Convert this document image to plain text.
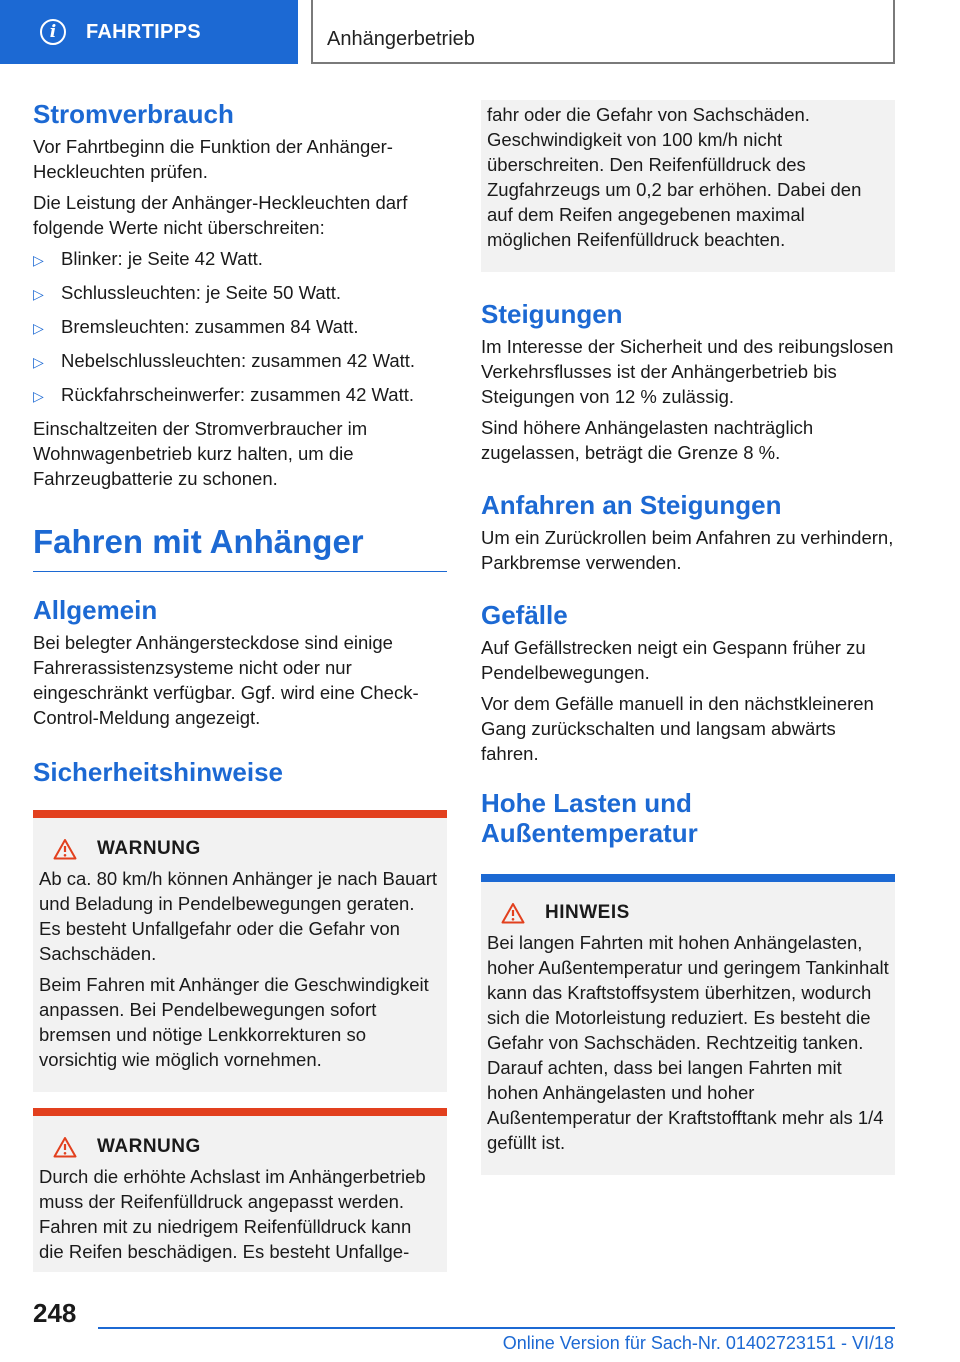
i	FAHRTIPPS	Anhängerbetrieb
Stromverbrauch

Vor Fahrtbeginn die Funktion der Anhänger-Heckleuchten prüfen.

Die Leistung der Anhänger-Heckleuchten darf folgende Werte nicht überschreiten:

▷ Blinker: je Seite 42 Watt.
▷ Schlussleuchten: je Seite 50 Watt.
▷ Bremsleuchten: zusammen 84 Watt.
▷ Nebelschlussleuchten: zusammen 42 Watt.
▷ Rückfahrscheinwerfer: zusammen 42 Watt.

Einschaltzeiten der Stromverbraucher im Wohnwagenbetrieb kurz halten, um die Fahrzeugbatterie zu schonen.

Fahren mit Anhänger
Allgemein

Bei belegter Anhängersteckdose sind einige Fahrerassistenzsysteme nicht oder nur eingeschränkt verfügbar. Ggf. wird eine Check-Control-Meldung angezeigt.

Sicherheitshinweise
WARNUNG

Ab ca. 80 km/h können Anhänger je nach Bauart und Beladung in Pendelbewegungen geraten. Es besteht Unfallgefahr oder die Gefahr von Sachschäden.

Beim Fahren mit Anhänger die Geschwindigkeit anpassen. Bei Pendelbewegungen sofort bremsen und nötige Lenkkorrekturen so vorsichtig wie möglich vornehmen.

WARNUNG

Durch die erhöhte Achslast im Anhängerbetrieb muss der Reifenfülldruck angepasst werden. Fahren mit zu niedrigem Reifenfülldruck kann die Reifen beschädigen. Es besteht Unfallge-

fahr oder die Gefahr von Sachschäden. Geschwindigkeit von 100 km/h nicht überschreiten. Den Reifenfülldruck des Zugfahrzeugs um 0,2 bar erhöhen. Dabei den auf dem Reifen angegebenen maximal möglichen Reifenfülldruck beachten.

Steigungen

Im Interesse der Sicherheit und des reibungslosen Verkehrsflusses ist der Anhängerbetrieb bis Steigungen von 12 % zulässig.

Sind höhere Anhängelasten nachträglich zugelassen, beträgt die Grenze 8 %.

Anfahren an Steigungen

Um ein Zurückrollen beim Anfahren zu verhindern, Parkbremse verwenden.

Gefälle

Auf Gefällstrecken neigt ein Gespann früher zu Pendelbewegungen.

Vor dem Gefälle manuell in den nächstkleineren Gang zurückschalten und langsam abwärts fahren.

Hohe Lasten und
Außentemperatur
HINWEIS

Bei langen Fahrten mit hohen Anhängelasten, hoher Außentemperatur und geringem Tankinhalt kann das Kraftstoffsystem überhitzen, wodurch sich die Motorleistung reduziert. Es besteht die Gefahr von Sachschäden. Rechtzeitig tanken. Darauf achten, dass bei langen Fahrten mit hohen Anhängelasten und hoher Außentemperatur der Kraftstofftank mehr als 1/4 gefüllt ist.

248
Online Version für Sach-Nr. 01402723151 - VI/18
